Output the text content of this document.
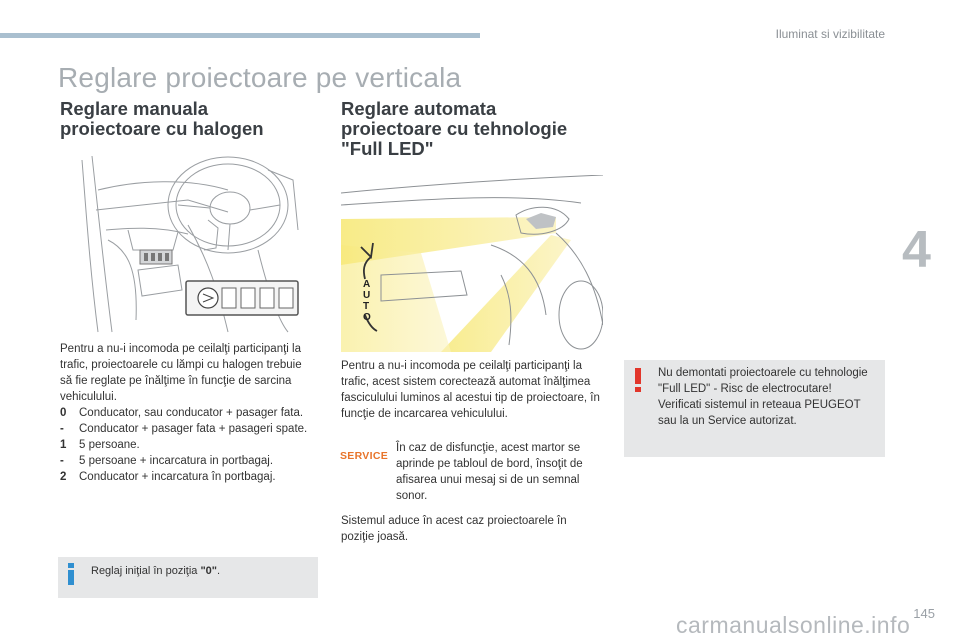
Iluminat si vizibilitate
4
Reglare proiectoare pe verticala
Reglare manuala
proiectoare cu halogen
Pentru a nu-i incomoda pe ceilalţi participanţi la trafic, proiectoarele cu lămpi cu halogen trebuie să fie reglate pe înălţime în funcţie de sarcina vehiculului.
0	Conducator, sau conducator + pasager fata.
-	Conducator + pasager fata + pasageri spate.
1	5 persoane.
-	5 persoane + incarcatura in portbagaj.
2	Conducator + incarcatura în portbagaj.
Reglaj iniţial în poziţia "0".
Reglare automata
proiectoare cu tehnologie
"Full LED"
A
U
T
O
Pentru a nu-i incomoda pe ceilalţi participanţi la trafic, acest sistem corectează automat înălţimea fasciculului luminos al acestui tip de proiectoare, în funcţie de incarcarea vehiculului.
SERVICE
În caz de disfuncţie, acest martor se aprinde pe tabloul de bord, însoţit de afisarea unui mesaj si de un semnal sonor.
Sistemul aduce în acest caz proiectoarele în poziţie joasă.
Nu demontati proiectoarele cu tehnologie "Full LED" - Risc de electrocutare!
Verificati sistemul in reteaua PEUGEOT sau la un Service autorizat.
carmanualsonline.info 145
